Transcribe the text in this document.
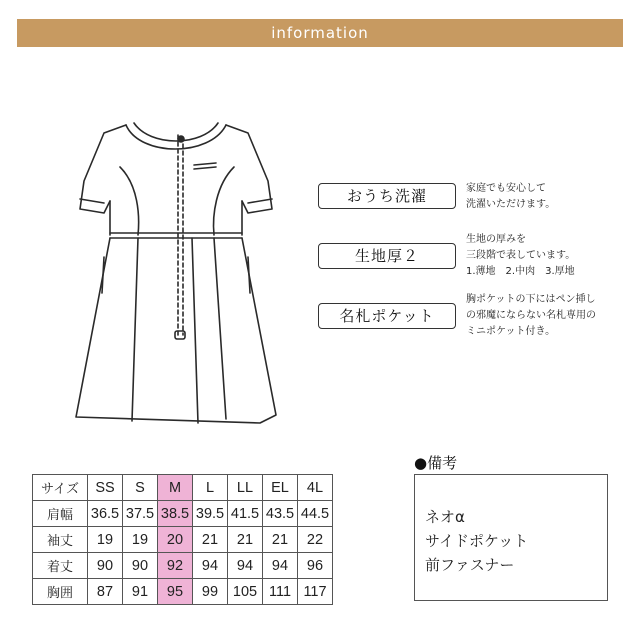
information
おうち洗濯	家庭でも安心して
洗濯いただけます。
生地厚２
生地の厚みを
三段階で表しています。
1.薄地　2.中肉　3.厚地
名札ポケット
胸ポケットの下にはペン挿し
の邪魔にならない名札専用の
ミニポケット付き。
サイズ	SS	S	M	L	LL	EL	4L
肩幅	36.5	37.5	38.5	39.5	41.5	43.5	44.5
袖丈	19	19	20	21	21	21	22
着丈	90	90	92	94	94	94	96
胸囲	87	91	95	99	105	111	117
●備考
ネオα
サイドポケット
前ファスナー
